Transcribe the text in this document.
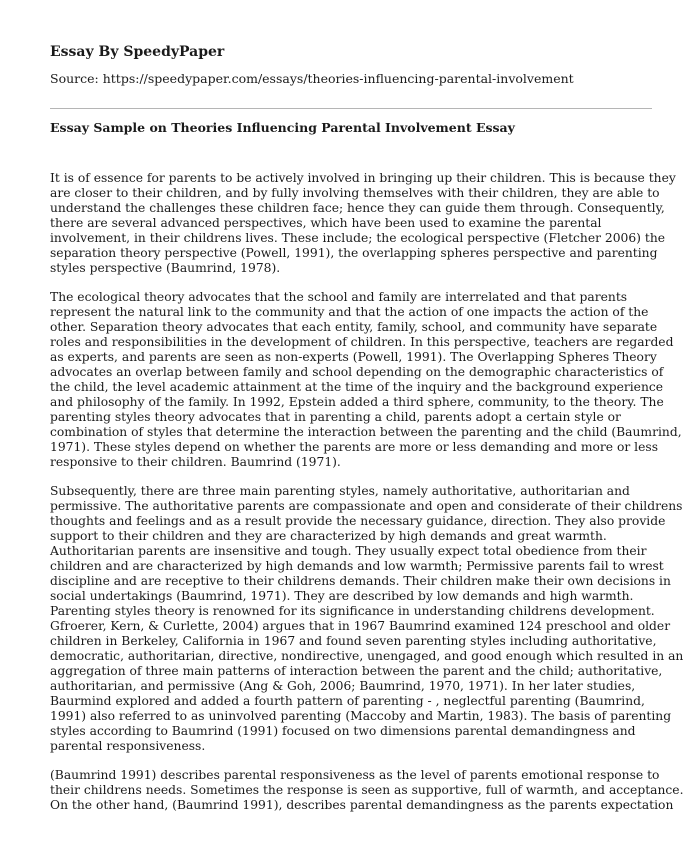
Essay By SpeedyPaper
Source: https://speedypaper.com/essays/theories-influencing-parental-involvement
Essay Sample on Theories Influencing Parental Involvement Essay
It is of essence for parents to be actively involved in bringing up their children. This is because they
are closer to their children, and by fully involving themselves with their children, they are able to
understand the challenges these children face; hence they can guide them through. Consequently,
there are several advanced perspectives, which have been used to examine the parental
involvement, in their childrens lives. These include; the ecological perspective (Fletcher 2006) the
separation theory perspective (Powell, 1991), the overlapping spheres perspective and parenting
styles perspective (Baumrind, 1978).
The ecological theory advocates that the school and family are interrelated and that parents
represent the natural link to the community and that the action of one impacts the action of the
other. Separation theory advocates that each entity, family, school, and community have separate
roles and responsibilities in the development of children. In this perspective, teachers are regarded
as experts, and parents are seen as non-experts (Powell, 1991). The Overlapping Spheres Theory
advocates an overlap between family and school depending on the demographic characteristics of
the child, the level academic attainment at the time of the inquiry and the background experience
and philosophy of the family. In 1992, Epstein added a third sphere, community, to the theory. The
parenting styles theory advocates that in parenting a child, parents adopt a certain style or
combination of styles that determine the interaction between the parenting and the child (Baumrind,
1971). These styles depend on whether the parents are more or less demanding and more or less
responsive to their children. Baumrind (1971).
Subsequently, there are three main parenting styles, namely authoritative, authoritarian and
permissive. The authoritative parents are compassionate and open and considerate of their childrens
thoughts and feelings and as a result provide the necessary guidance, direction. They also provide
support to their children and they are characterized by high demands and great warmth.
Authoritarian parents are insensitive and tough. They usually expect total obedience from their
children and are characterized by high demands and low warmth; Permissive parents fail to wrest
discipline and are receptive to their childrens demands. Their children make their own decisions in
social undertakings (Baumrind, 1971). They are described by low demands and high warmth.
Parenting styles theory is renowned for its significance in understanding childrens development.
Gfroerer, Kern, & Curlette, 2004) argues that in 1967 Baumrind examined 124 preschool and older
children in Berkeley, California in 1967 and found seven parenting styles including authoritative,
democratic, authoritarian, directive, nondirective, unengaged, and good enough which resulted in an
aggregation of three main patterns of interaction between the parent and the child; authoritative,
authoritarian, and permissive (Ang & Goh, 2006; Baumrind, 1970, 1971). In her later studies,
Baurmind explored and added a fourth pattern of parenting - , neglectful parenting (Baumrind,
1991) also referred to as uninvolved parenting (Maccoby and Martin, 1983). The basis of parenting
styles according to Baumrind (1991) focused on two dimensions parental demandingness and
parental responsiveness.
(Baumrind 1991) describes parental responsiveness as the level of parents emotional response to
their childrens needs. Sometimes the response is seen as supportive, full of warmth, and acceptance.
On the other hand, (Baumrind 1991), describes parental demandingness as the parents expectation
